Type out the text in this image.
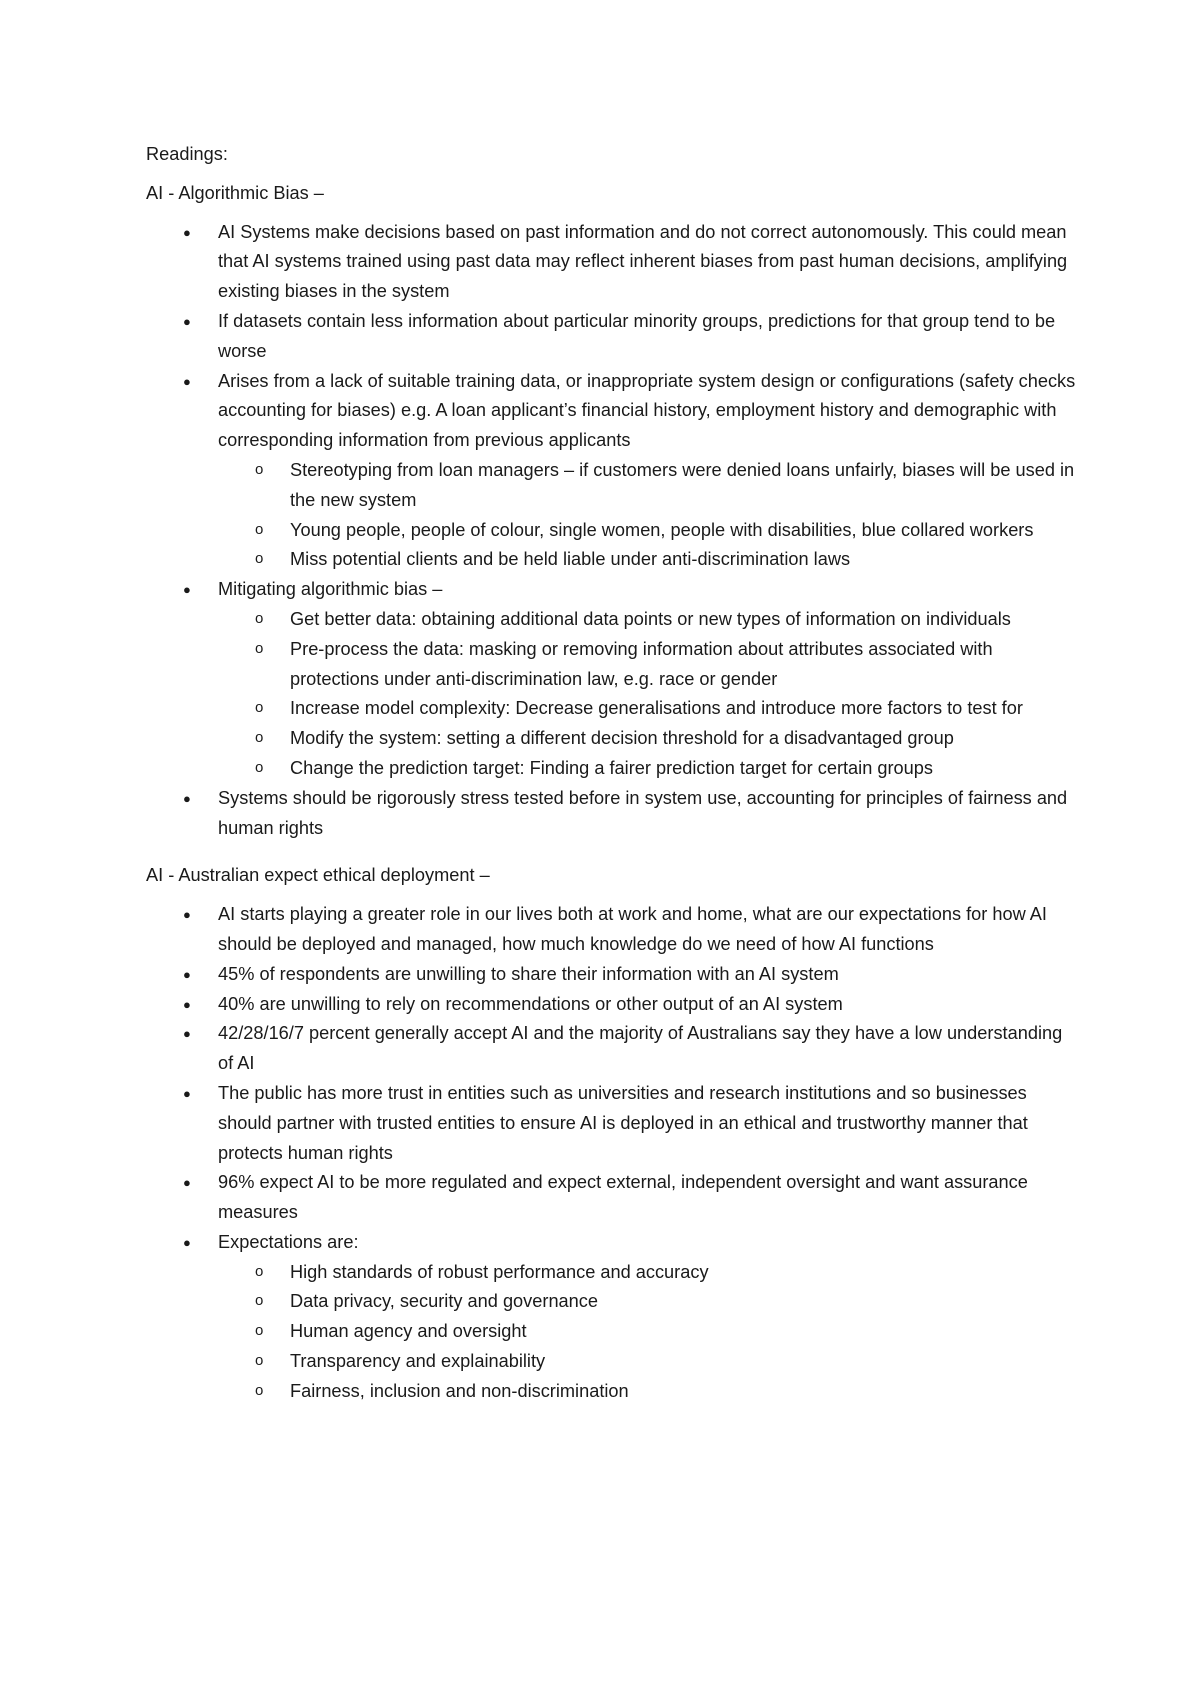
Readings:

AI - Algorithmic Bias –

● AI Systems make decisions based on past information and do not correct autonomously. This could mean that AI systems trained using past data may reflect inherent biases from past human decisions, amplifying existing biases in the system
● If datasets contain less information about particular minority groups, predictions for that group tend to be worse
● Arises from a lack of suitable training data, or inappropriate system design or configurations (safety checks accounting for biases) e.g. A loan applicant’s financial history, employment history and demographic with corresponding information from previous applicants
o Stereotyping from loan managers – if customers were denied loans unfairly, biases will be used in the new system
o Young people, people of colour, single women, people with disabilities, blue collared workers
o Miss potential clients and be held liable under anti-discrimination laws
● Mitigating algorithmic bias –
o Get better data: obtaining additional data points or new types of information on individuals
o Pre-process the data: masking or removing information about attributes associated with protections under anti-discrimination law, e.g. race or gender
o Increase model complexity: Decrease generalisations and introduce more factors to test for
o Modify the system: setting a different decision threshold for a disadvantaged group
o Change the prediction target: Finding a fairer prediction target for certain groups
● Systems should be rigorously stress tested before in system use, accounting for principles of fairness and human rights

AI - Australian expect ethical deployment –

● AI starts playing a greater role in our lives both at work and home, what are our expectations for how AI should be deployed and managed, how much knowledge do we need of how AI functions
● 45% of respondents are unwilling to share their information with an AI system
● 40% are unwilling to rely on recommendations or other output of an AI system
● 42/28/16/7 percent generally accept AI and the majority of Australians say they have a low understanding of AI
● The public has more trust in entities such as universities and research institutions and so businesses should partner with trusted entities to ensure AI is deployed in an ethical and trustworthy manner that protects human rights
● 96% expect AI to be more regulated and expect external, independent oversight and want assurance measures
● Expectations are:
o High standards of robust performance and accuracy
o Data privacy, security and governance
o Human agency and oversight
o Transparency and explainability
o Fairness, inclusion and non-discrimination
